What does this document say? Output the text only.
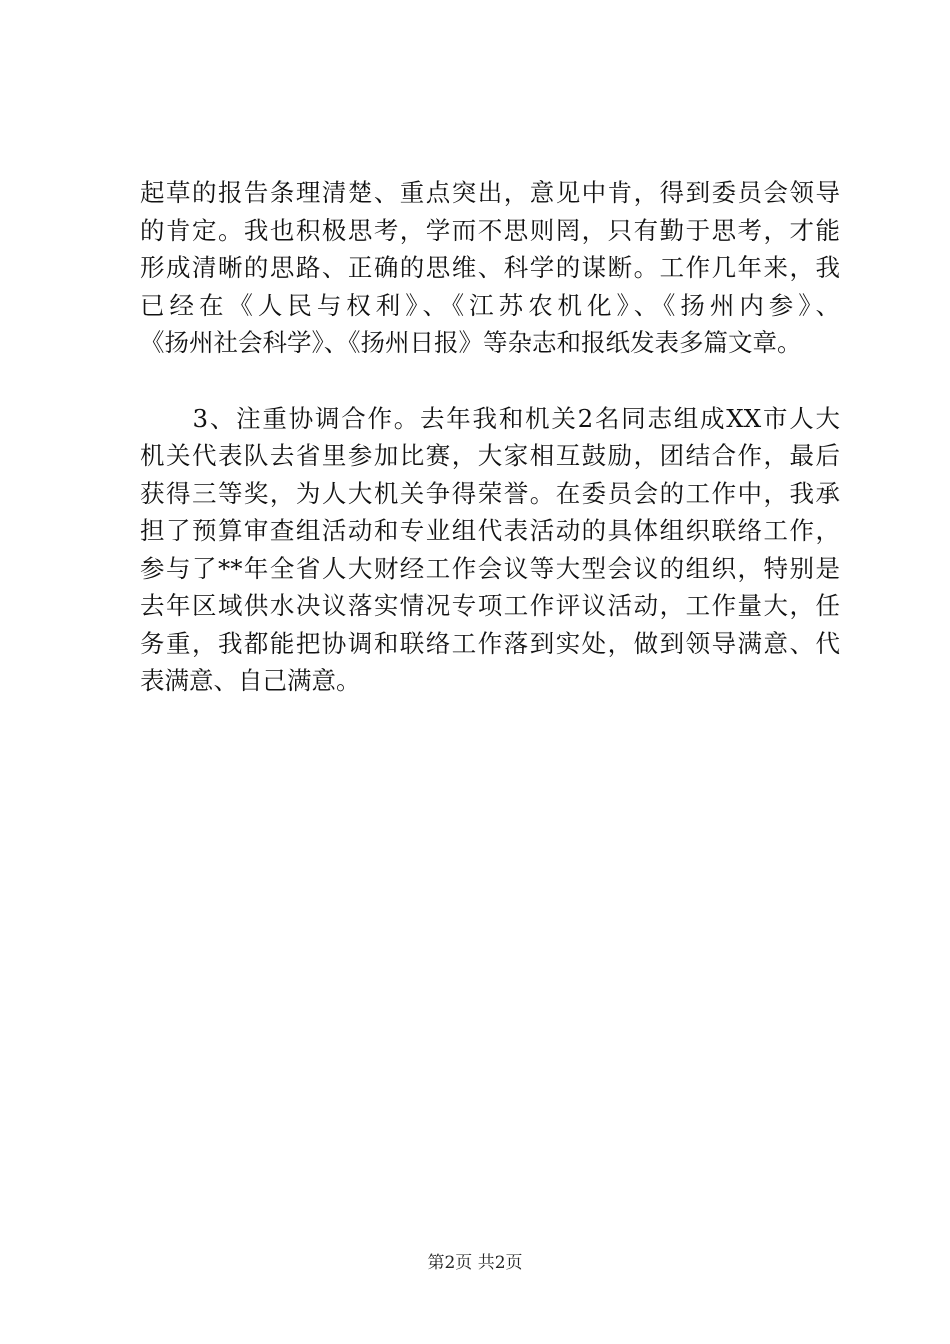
起草的报告条理清楚、重点突出，意见中肯，得到委员会领导
的肯定。我也积极思考，学而不思则罔，只有勤于思考，才能
形成清晰的思路、正确的思维、科学的谋断。工作几年来，我
已经在《人民与权利》、《江苏农机化》、《扬州内参》、
《扬州社会科学》、《扬州日报》等杂志和报纸发表多篇文章。

　　3、注重协调合作。去年我和机关2名同志组成XX市人大
机关代表队去省里参加比赛，大家相互鼓励，团结合作，最后
获得三等奖，为人大机关争得荣誉。在委员会的工作中，我承
担了预算审查组活动和专业组代表活动的具体组织联络工作，
参与了**年全省人大财经工作会议等大型会议的组织，特别是
去年区域供水决议落实情况专项工作评议活动，工作量大，任
务重，我都能把协调和联络工作落到实处，做到领导满意、代
表满意、自己满意。

第2页 共2页
